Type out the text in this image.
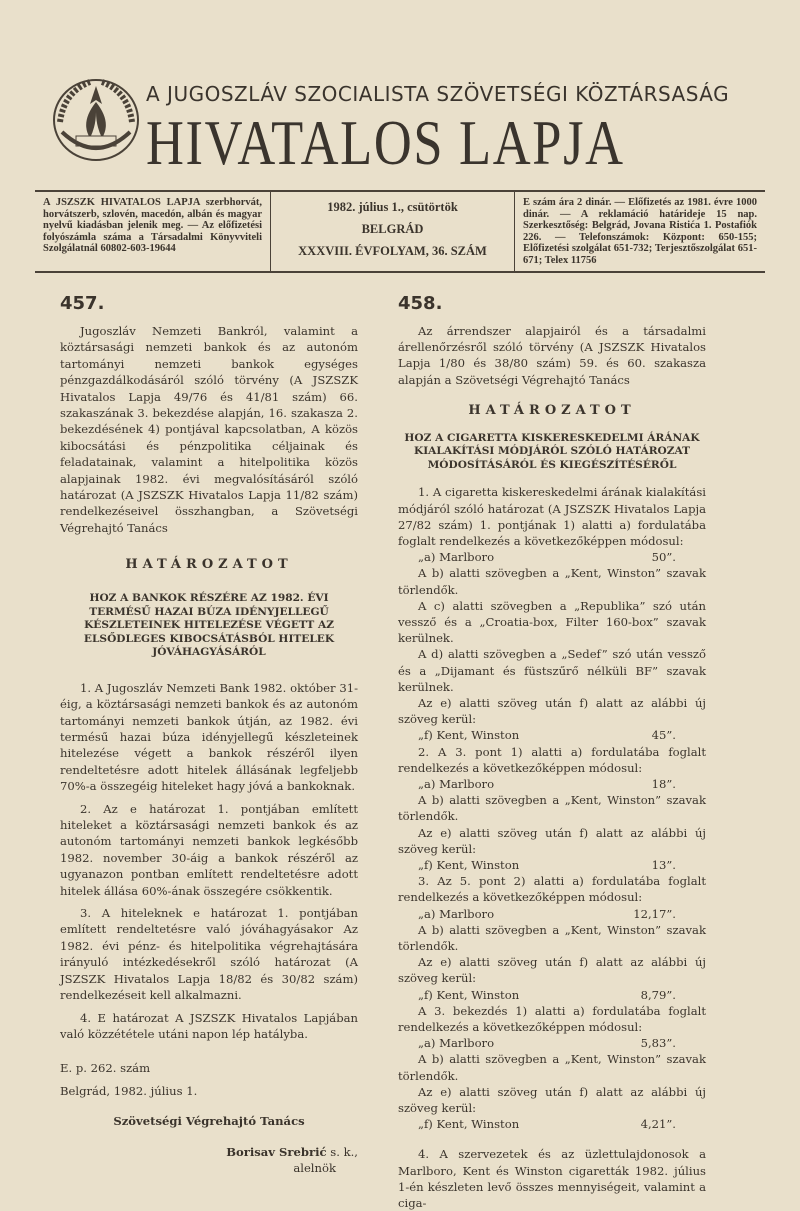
A JUGOSZLÁV SZOCIALISTA SZÖVETSÉGI KÖZTÁRSASÁG
HIVATALOS LAPJA
A JSZSZK HIVATALOS LAPJA szerbhorvát, horvátszerb, szlovén, macedón, albán és magyar nyelvű kiadásban jelenik meg. — Az előfizetési folyószámla száma a Társadalmi Könyvviteli Szolgálatnál 60802-603-19644
1982. július 1., csütörtök
BELGRÁD
XXXVIII. ÉVFOLYAM, 36. SZÁM
E szám ára 2 dinár. — Előfizetés az 1981. évre 1000 dinár. — A reklamáció határideje 15 nap. Szerkesztőség: Belgrád, Jovana Ristića 1. Postafiók 226. — Telefonszámok: Központ: 650-155; Előfizetési szolgálat 651-732; Terjesztőszolgálat 651-671; Telex 11756
457.

Jugoszláv Nemzeti Bankról, valamint a köztársasági nemzeti bankok és az autonóm tartományi nemzeti bankok egységes pénzgazdálkodásáról szóló törvény (A JSZSZK Hivatalos Lapja 49/76 és 41/81 szám) 66. szakaszának 3. bekezdése alapján, 16. szakasza 2. bekezdésének 4) pontjával kapcsolatban, A közös kibocsátási és pénzpolitika céljainak és feladatainak, valamint a hitelpolitika közös alapjainak 1982. évi megvalósításáról szóló határozat (A JSZSZK Hivatalos Lapja 11/82 szám) rendelkezéseivel összhangban, a Szövetségi Végrehajtó Tanács

HATÁROZATOT
HOZ A BANKOK RÉSZÉRE AZ 1982. ÉVI TERMÉSŰ HAZAI BÚZA IDÉNYJELLEGŰ KÉSZLETEINEK HITELEZÉSE VÉGETT AZ ELSŐDLEGES KIBOCSÁTÁSBÓL HITELEK JÓVÁHAGYÁSÁRÓL

1. A Jugoszláv Nemzeti Bank 1982. október 31-éig, a köztársasági nemzeti bankok és az autonóm tartományi nemzeti bankok útján, az 1982. évi termésű hazai búza idényjellegű készleteinek hitelezése végett a bankok részéről ilyen rendeltetésre adott hitelek állásának legfeljebb 70%-a összegéig hiteleket hagy jóvá a bankoknak.

2. Az e határozat 1. pontjában említett hiteleket a köztársasági nemzeti bankok és az autonóm tartományi nemzeti bankok legkésőbb 1982. november 30-áig a bankok részéről az ugyanazon pontban említett rendeltetésre adott hitelek állása 60%-ának összegére csökkentik.

3. A hiteleknek e határozat 1. pontjában említett rendeltetésre való jóváhagyásakor Az 1982. évi pénz- és hitelpolitika végrehajtására irányuló intézkedésekről szóló határozat (A JSZSZK Hivatalos Lapja 18/82 és 30/82 szám) rendelkezéseit kell alkalmazni.

4. E határozat A JSZSZK Hivatalos Lapjában való közzététele utáni napon lép hatályba.

E. p. 262. szám

Belgrád, 1982. július 1.

Szövetségi Végrehajtó Tanács

Borisav Srebrić s. k.,

alelnök

458.

Az árrendszer alapjairól és a társadalmi árellenőrzésről szóló törvény (A JSZSZK Hivatalos Lapja 1/80 és 38/80 szám) 59. és 60. szakasza alapján a Szövetségi Végrehajtó Tanács

HATÁROZATOT
HOZ A CIGARETTA KISKERESKEDELMI ÁRÁNAK KIALAKÍTÁSI MÓDJÁRÓL SZÓLÓ HATÁROZAT MÓDOSÍTÁSÁRÓL ÉS KIEGÉSZÍTÉSÉRŐL

1. A cigaretta kiskereskedelmi árának kialakítási módjáról szóló határozat (A JSZSZK Hivatalos Lapja 27/82 szám) 1. pontjának 1) alatti a) fordulatába foglalt rendelkezés a következőképpen módosul:

„a) Marlboro	50”.

A b) alatti szövegben a „Kent, Winston” szavak törlendők.

A c) alatti szövegben a „Republika” szó után vessző és a „Croatia-box, Filter 160-box” szavak kerülnek.

A d) alatti szövegben a „Sedef” szó után vessző és a „Dijamant és füstszűrő nélküli BF” szavak kerülnek.

Az e) alatti szöveg után f) alatt az alábbi új szöveg kerül:

„f) Kent, Winston	45”.

2. A 3. pont 1) alatti a) fordulatába foglalt rendelkezés a következőképpen módosul:

„a) Marlboro	18”.

A b) alatti szövegben a „Kent, Winston” szavak törlendők.

Az e) alatti szöveg után f) alatt az alábbi új szöveg kerül:

„f) Kent, Winston	13”.

3. Az 5. pont 2) alatti a) fordulatába foglalt rendelkezés a következőképpen módosul:

„a) Marlboro	12,17”.

A b) alatti szövegben a „Kent, Winston” szavak törlendők.

Az e) alatti szöveg után f) alatt az alábbi új szöveg kerül:

„f) Kent, Winston	8,79”.

A 3. bekezdés 1) alatti a) fordulatába foglalt rendelkezés a következőképpen módosul:

„a) Marlboro	5,83”.

A b) alatti szövegben a „Kent, Winston” szavak törlendők.

Az e) alatti szöveg után f) alatt az alábbi új szöveg kerül:

„f) Kent, Winston	4,21”.

4. A szervezetek és az üzlettulajdonosok a Marlboro, Kent és Winston cigaretták 1982. július 1-én készleten levő összes mennyiségeit, valamint a ciga-
